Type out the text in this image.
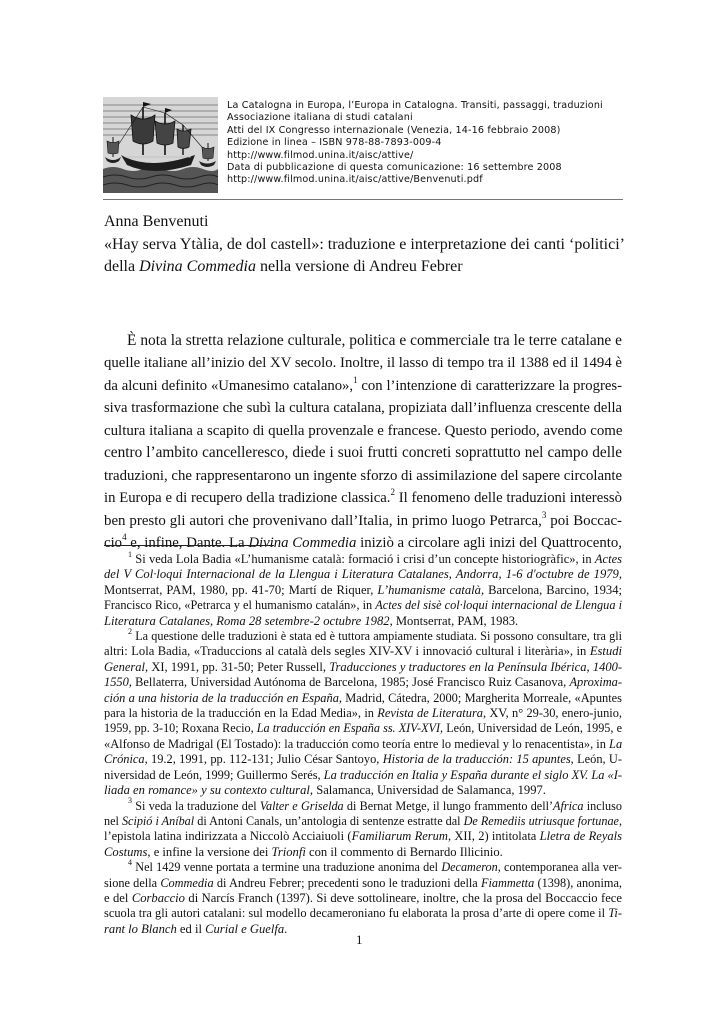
La Catalogna in Europa, l’Europa in Catalogna. Transiti, passaggi, traduzioni
Associazione italiana di studi catalani
Atti del IX Congresso internazionale (Venezia, 14-16 febbraio 2008)
Edizione in linea – ISBN 978-88-7893-009-4
http://www.filmod.unina.it/aisc/attive/
Data di pubblicazione di questa comunicazione: 16 settembre 2008
http://www.filmod.unina.it/aisc/attive/Benvenuti.pdf
Anna Benvenuti
«Hay serva Ytàlia, de dol castell»: traduzione e interpretazione dei canti ‘politici’
della Divina Commedia nella versione di Andreu Febrer
È nota la stretta relazione culturale, politica e commerciale tra le terre catalane e
quelle italiane all’inizio del XV secolo. Inoltre, il lasso di tempo tra il 1388 ed il 1494 è
da alcuni definito «Umanesimo catalano»,$^1$ con l’intenzione di caratterizzare la progres-
siva trasformazione che subì la cultura catalana, propiziata dall’influenza crescente della
cultura italiana a scapito di quella provenzale e francese. Questo periodo, avendo come
centro l’ambito cancelleresco, diede i suoi frutti concreti soprattutto nel campo delle
traduzioni, che rappresentarono un ingente sforzo di assimilazione del sapere circolante
in Europa e di recupero della tradizione classica.$^2$ Il fenomeno delle traduzioni interessò
ben presto gli autori che provenivano dall’Italia, in primo luogo Petrarca,$^3$ poi Boccac-
cio$^4$ e, infine, Dante. La Divina Commedia iniziò a circolare agli inizi del Quattrocento,
$^1$ Si veda Lola Badia «L’humanisme català: formació i crisi d’un concepte historiogràfic», in Actes
del V Col·loqui Internacional de la Llengua i Literatura Catalanes, Andorra, 1-6 d'octubre de 1979,
Montserrat, PAM, 1980, pp. 41-70; Martí de Riquer, L’humanisme català, Barcelona, Barcino, 1934;
Francisco Rico, «Petrarca y el humanismo catalán», in Actes del sisè col·loqui internacional de Llengua i
Literatura Catalanes, Roma 28 setembre-2 octubre 1982, Montserrat, PAM, 1983.
$^2$ La questione delle traduzioni è stata ed è tuttora ampiamente studiata. Si possono consultare, tra gli
altri: Lola Badia, «Traduccions al català dels segles XIV-XV i innovació cultural i literària», in Estudi
General, XI, 1991, pp. 31-50; Peter Russell, Traducciones y traductores en la Península Ibérica, 1400-
1550, Bellaterra, Universidad Autónoma de Barcelona, 1985; José Francisco Ruiz Casanova, Aproxima-
ción a una historia de la traducción en España, Madrid, Cátedra, 2000; Margherita Morreale, «Apuntes
para la historia de la traducción en la Edad Media», in Revista de Literatura, XV, n° 29-30, enero-junio,
1959, pp. 3-10; Roxana Recio, La traducción en España ss. XIV-XVI, León, Universidad de León, 1995, e
«Alfonso de Madrigal (El Tostado): la traducción como teoría entre lo medieval y lo renacentista», in La
Crónica, 19.2, 1991, pp. 112-131; Julio César Santoyo, Historia de la traducción: 15 apuntes, León, U-
niversidad de León, 1999; Guillermo Serés, La traducción en Italia y España durante el siglo XV. La «I-
liada en romance» y su contexto cultural, Salamanca, Universidad de Salamanca, 1997.
$^3$ Si veda la traduzione del Valter e Griselda di Bernat Metge, il lungo frammento dell’Africa incluso
nel Scipió i Aníbal di Antoni Canals, un’antologia di sentenze estratte dal De Remediis utriusque fortunae,
l’epistola latina indirizzata a Niccolò Acciaiuoli (Familiarum Rerum, XII, 2) intitolata Lletra de Reyals
Costums, e infine la versione dei Trionfi con il commento di Bernardo Illicinio.
$^4$ Nel 1429 venne portata a termine una traduzione anonima del Decameron, contemporanea alla ver-
sione della Commedia di Andreu Febrer; precedenti sono le traduzioni della Fiammetta (1398), anonima,
e del Corbaccio di Narcís Franch (1397). Si deve sottolineare, inoltre, che la prosa del Boccaccio fece
scuola tra gli autori catalani: sul modello decameroniano fu elaborata la prosa d’arte di opere come il Ti-
rant lo Blanch ed il Curial e Guelfa.
1
